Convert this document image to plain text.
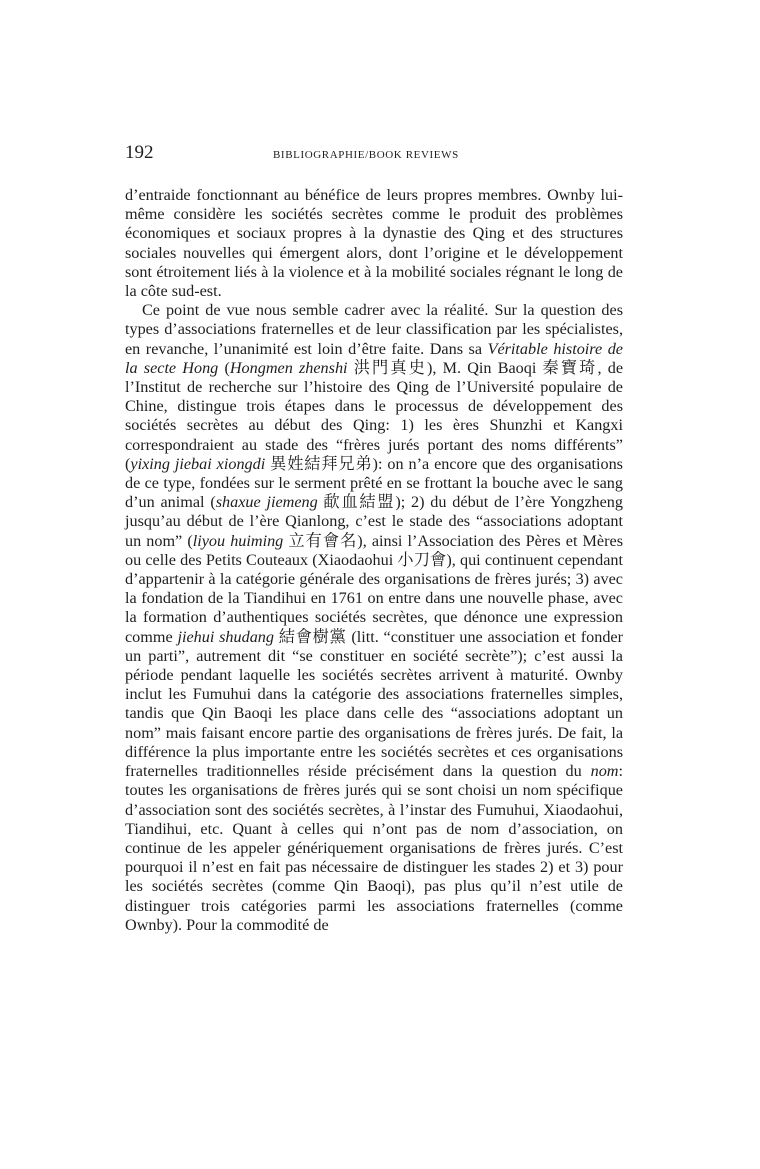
192	BIBLIOGRAPHIE/BOOK REVIEWS

d’entraide fonctionnant au bénéfice de leurs propres membres. Ownby lui-même considère les sociétés secrètes comme le produit des problèmes économiques et sociaux propres à la dynastie des Qing et des structures sociales nouvelles qui émergent alors, dont l’origine et le développement sont étroitement liés à la violence et à la mobilité sociales régnant le long de la côte sud-est.

Ce point de vue nous semble cadrer avec la réalité. Sur la question des types d’associations fraternelles et de leur classification par les spécialistes, en revanche, l’unanimité est loin d’être faite. Dans sa Véritable histoire de la secte Hong (Hongmen zhenshi 洪門真史), M. Qin Baoqi 秦寶琦, de l’Institut de recherche sur l’histoire des Qing de l’Université populaire de Chine, distingue trois étapes dans le processus de développement des sociétés secrètes au début des Qing: 1) les ères Shunzhi et Kangxi correspondraient au stade des “frères jurés portant des noms différents” (yixing jiebai xiongdi 異姓結拜兄弟): on n’a encore que des organisations de ce type, fondées sur le serment prêté en se frottant la bouche avec le sang d’un animal (shaxue jiemeng 歃血結盟); 2) du début de l’ère Yongzheng jusqu’au début de l’ère Qianlong, c’est le stade des “associations adoptant un nom” (liyou huiming 立有會名), ainsi l’Association des Pères et Mères ou celle des Petits Couteaux (Xiaodaohui 小刀會), qui continuent cependant d’appartenir à la catégorie générale des organisations de frères jurés; 3) avec la fondation de la Tiandihui en 1761 on entre dans une nouvelle phase, avec la formation d’authentiques sociétés secrètes, que dénonce une expression comme jiehui shudang 結會樹黨 (litt. “constituer une association et fonder un parti”, autrement dit “se constituer en société secrète”); c’est aussi la période pendant laquelle les sociétés secrètes arrivent à maturité. Ownby inclut les Fumuhui dans la catégorie des associations fraternelles simples, tandis que Qin Baoqi les place dans celle des “associations adoptant un nom” mais faisant encore partie des organisations de frères jurés. De fait, la différence la plus importante entre les sociétés secrètes et ces organisations fraternelles traditionnelles réside précisément dans la question du nom: toutes les organisations de frères jurés qui se sont choisi un nom spécifique d’association sont des sociétés secrètes, à l’instar des Fumuhui, Xiaodaohui, Tiandihui, etc. Quant à celles qui n’ont pas de nom d’association, on continue de les appeler génériquement organisations de frères jurés. C’est pourquoi il n’est en fait pas nécessaire de distinguer les stades 2) et 3) pour les sociétés secrètes (comme Qin Baoqi), pas plus qu’il n’est utile de distinguer trois catégories parmi les associations fraternelles (comme Ownby). Pour la commodité de
